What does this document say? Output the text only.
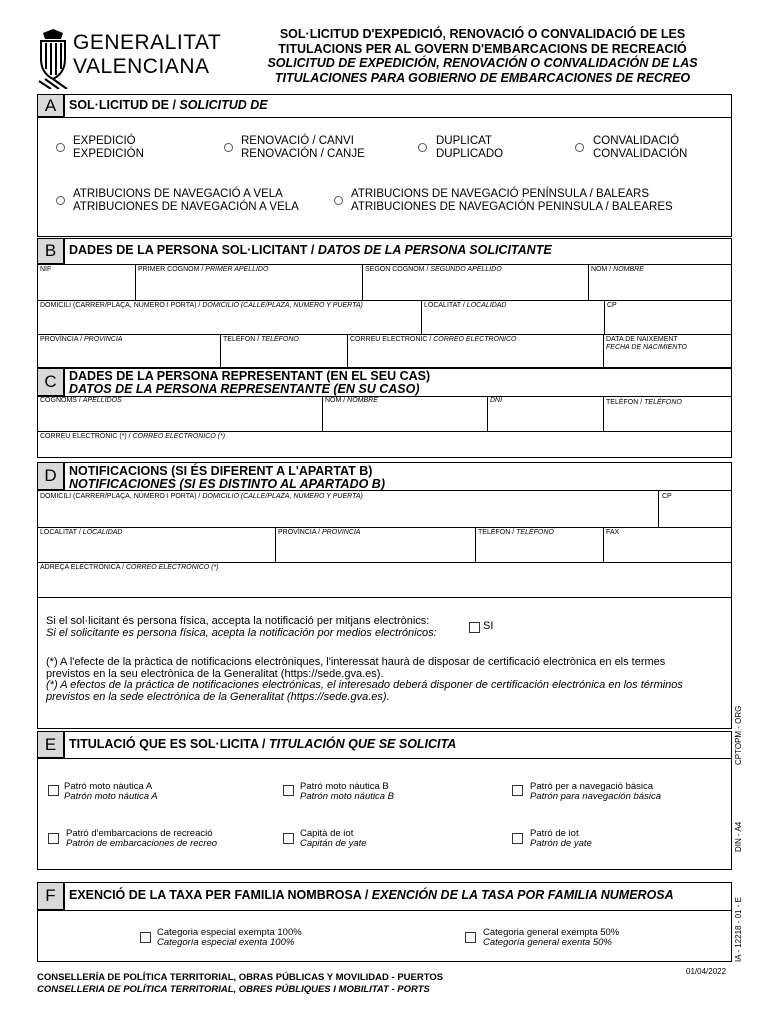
GENERALITAT
VALENCIANA
SOL·LICITUD D'EXPEDICIÓ, RENOVACIÓ O CONVALIDACIÓ DE LES
TITULACIONS PER AL GOVERN D'EMBARCACIONS DE RECREACIÓ
SOLICITUD DE EXPEDICIÓN, RENOVACIÓN O CONVALIDACIÓN DE LAS
TITULACIONES PARA GOBIERNO DE EMBARCACIONES DE RECREO
A	SOL·LICITUD DE / SOLICITUD DE
EXPEDICIÓ
EXPEDICIÓN
RENOVACIÓ / CANVI
RENOVACIÓN / CANJE
DUPLICAT
DUPLICADO
CONVALIDACIÓ
CONVALIDACIÓN
ATRIBUCIONS DE NAVEGACIÓ A VELA
ATRIBUCIONES DE NAVEGACIÓN A VELA
ATRIBUCIONS DE NAVEGACIÓ PENÍNSULA / BALEARS
ATRIBUCIONES DE NAVEGACIÓN PENINSULA / BALEARES
B	DADES DE LA PERSONA SOL·LICITANT / DATOS DE LA PERSONA SOLICITANTE
NIF	PRIMER COGNOM / PRIMER APELLIDO	SEGON COGNOM / SEGUNDO APELLIDO	NOM / NOMBRE
DOMICILI (CARRER/PLAÇA, NÚMERO I PORTA) / DOMICILIO (CALLE/PLAZA, NÚMERO Y PUERTA)	LOCALITAT / LOCALIDAD	CP
PROVÍNCIA / PROVINCIA	TELÈFON / TELÉFONO	CORREU ELECTRÒNIC / CORREO ELECTRÓNICO	DATA DE NAIXEMENT
FECHA DE NACIMIENTO
C DADES DE LA PERSONA REPRESENTANT (EN EL SEU CAS)
DATOS DE LA PERSONA REPRESENTANTE (EN SU CASO)
COGNOMS / APELLIDOS	NOM / NOMBRE	DNI	TELÈFON / TELÉFONO
CORREU ELECTRÒNIC (*) / CORREO ELECTRÓNICO (*)
D NOTIFICACIONS (SI ÉS DIFERENT A L'APARTAT B)
NOTIFICACIONES (SI ES DISTINTO AL APARTADO B)
DOMICILI (CARRER/PLAÇA, NÚMERO I PORTA) / DOMICILIO (CALLE/PLAZA, NÚMERO Y PUERTA)	CP
LOCALITAT / LOCALIDAD	PROVÍNCIA / PROVINCIA	TELÈFON / TELÉFONO	FAX
ADREÇA ELECTRÒNICA / CORREO ELECTRÓNICO (*)
Si el sol·licitant és persona física, accepta la notificació per mitjans electrònics:
Si el solicitante es persona física, acepta la notificación por medios electrónicos:
SI
(*) A l'efecte de la pràctica de notificacions electròniques, l'interessat haurà de disposar de certificació electrònica en els termes
previstos en la seu electrònica de la Generalitat (https://sede.gva.es).
(*) A efectos de la práctica de notificaciones electrónicas, el interesado deberá disponer de certificación electrónica en los términos
previstos en la sede electrónica de la Generalitat (https://sede.gva.es).
E	TITULACIÓ QUE ES SOL·LICITA / TITULACIÓN QUE SE SOLICITA
Patró moto nàutica A
Patrón moto náutica A
Patró moto nàutica B
Patrón moto náutica B
Patró per a navegació bàsica
Patrón para navegación básica
Patró d'embarcacions de recreació
Patrón de embarcaciones de recreo
Capità de iot
Capitán de yate
Patró de iot
Patrón de yate
F	EXENCIÓ DE LA TAXA PER FAMILIA NOMBROSA / EXENCIÓN DE LA TASA POR FAMILIA NUMEROSA
Categoria especial exempta 100%
Categoría especial exenta 100%
Categoria general exempta 50%
Categoría general exenta 50%
CPTOPM - ORG
DIN - A4
IA - 12218 - 01 - E
01/04/2022
CONSELLERÍA DE POLÍTICA TERRITORIAL, OBRAS PÚBLICAS Y MOVILIDAD - PUERTOS
CONSELLERIA DE POLÍTICA TERRITORIAL, OBRES PÚBLIQUES I MOBILITAT - PORTS
